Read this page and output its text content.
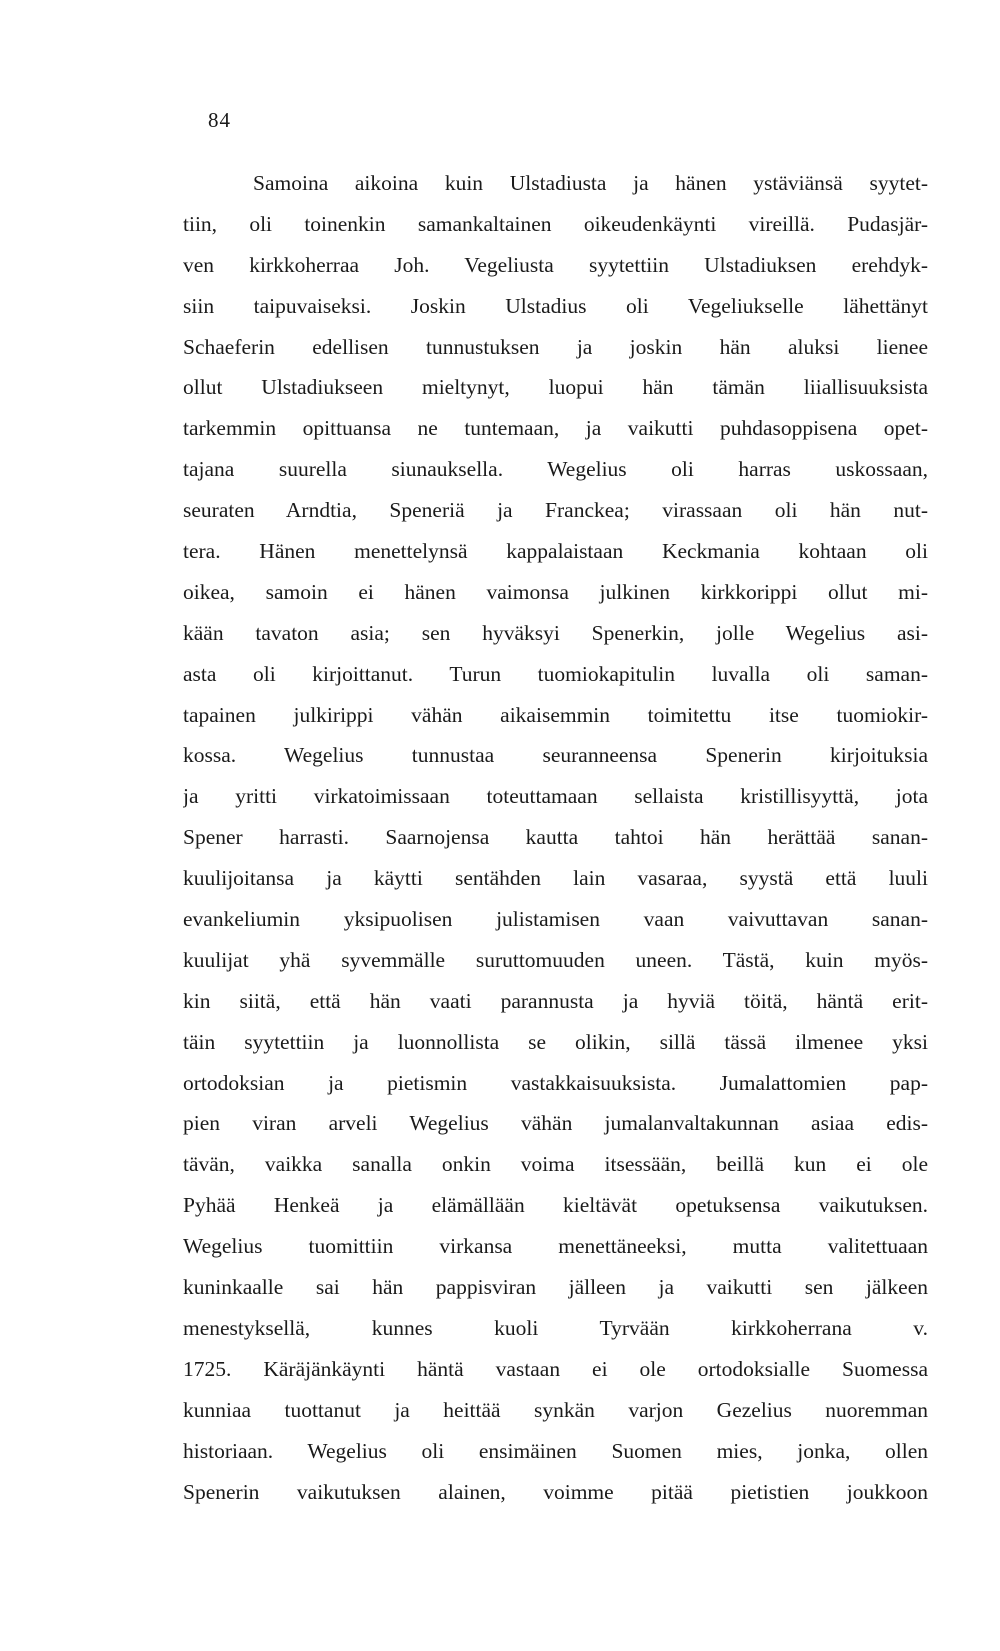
84
Samoina aikoina kuin Ulstadiusta ja hänen ystäviänsä syytet-
tiin, oli toinenkin samankaltainen oikeudenkäynti vireillä. Pudasjär-
ven kirkkoherraa Joh. Vegeliusta syytettiin Ulstadiuksen erehdyk-
siin taipuvaiseksi. Joskin Ulstadius oli Vegeliukselle lähettänyt
Schaeferin edellisen tunnustuksen ja joskin hän aluksi lienee
ollut Ulstadiukseen mieltynyt, luopui hän tämän liiallisuuksista
tarkemmin opittuansa ne tuntemaan, ja vaikutti puhdasoppisena opet-
tajana suurella siunauksella. Wegelius oli harras uskossaan,
seuraten Arndtia, Speneriä ja Franckea; virassaan oli hän nut-
tera. Hänen menettelynsä kappalaistaan Keckmania kohtaan oli
oikea, samoin ei hänen vaimonsa julkinen kirkkorippi ollut mi-
kään tavaton asia; sen hyväksyi Spenerkin, jolle Wegelius asi-
asta oli kirjoittanut. Turun tuomiokapitulin luvalla oli saman-
tapainen julkirippi vähän aikaisemmin toimitettu itse tuomiokir-
kossa. Wegelius tunnustaa seuranneensa Spenerin kirjoituksia
ja yritti virkatoimissaan toteuttamaan sellaista kristillisyyttä, jota
Spener harrasti. Saarnojensa kautta tahtoi hän herättää sanan-
kuulijoitansa ja käytti sentähden lain vasaraa, syystä että luuli
evankeliumin yksipuolisen julistamisen vaan vaivuttavan sanan-
kuulijat yhä syvemmälle suruttomuuden uneen. Tästä, kuin myös-
kin siitä, että hän vaati parannusta ja hyviä töitä, häntä erit-
täin syytettiin ja luonnollista se olikin, sillä tässä ilmenee yksi
ortodoksian ja pietismin vastakkaisuuksista. Jumalattomien pap-
pien viran arveli Wegelius vähän jumalanvaltakunnan asiaa edis-
tävän, vaikka sanalla onkin voima itsessään, beillä kun ei ole
Pyhää Henkeä ja elämällään kieltävät opetuksensa vaikutuksen.
Wegelius tuomittiin virkansa menettäneeksi, mutta valitettuaan
kuninkaalle sai hän pappisviran jälleen ja vaikutti sen jälkeen
menestyksellä, kunnes kuoli Tyrvään kirkkoherrana v.
1725. Käräjänkäynti häntä vastaan ei ole ortodoksialle Suomessa
kunniaa tuottanut ja heittää synkän varjon Gezelius nuoremman
historiaan. Wegelius oli ensimäinen Suomen mies, jonka, ollen
Spenerin vaikutuksen alainen, voimme pitää pietistien joukkoon
